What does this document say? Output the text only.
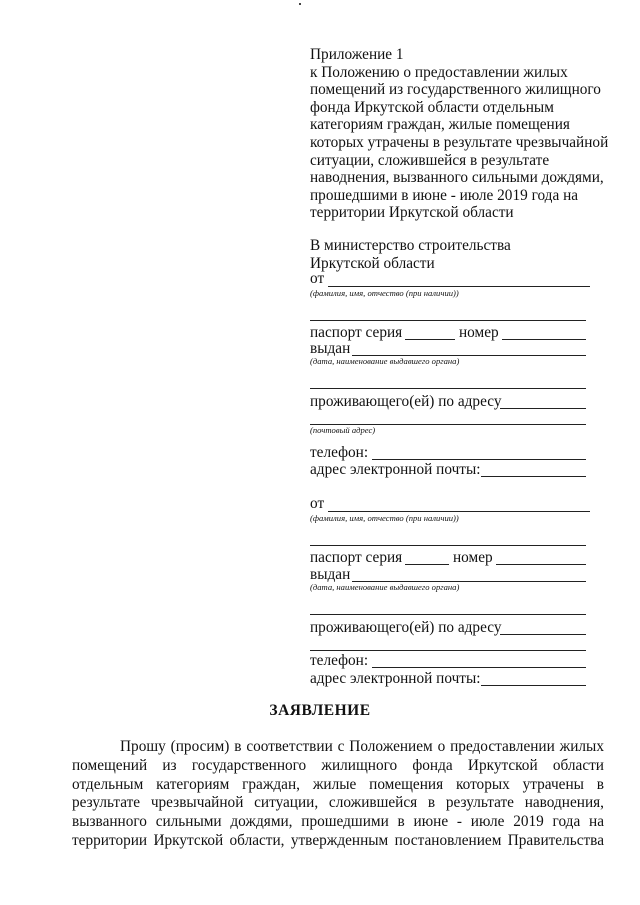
Приложение 1
к Положению о предоставлении жилых
помещений из государственного жилищного
фонда Иркутской области отдельным
категориям граждан, жилые помещения
которых утрачены в результате чрезвычайной
ситуации, сложившейся в результате
наводнения, вызванного сильными дождями,
прошедшими в июне - июле 2019 года на
территории Иркутской области
В министерство строительства
Иркутской области
от
(фамилия, имя, отчество (при наличии))
паспорт серия	номер
выдан
(дата, наименование выдавшего органа)
проживающего(ей) по адресу
(почтовый адрес)
телефон:
адрес электронной почты:
от
(фамилия, имя, отчество (при наличии))
паспорт серия	номер
выдан
(дата, наименование выдавшего органа)
проживающего(ей) по адресу
телефон:
адрес электронной почты:
ЗАЯВЛЕНИЕ
Прошу (просим) в соответствии с Положением о предоставлении жилых
помещений из государственного жилищного фонда Иркутской области
отдельным категориям граждан, жилые помещения которых утрачены в
результате чрезвычайной ситуации, сложившейся в результате наводнения,
вызванного сильными дождями, прошедшими в июне - июле 2019 года на
территории Иркутской области, утвержденным постановлением Правительства
